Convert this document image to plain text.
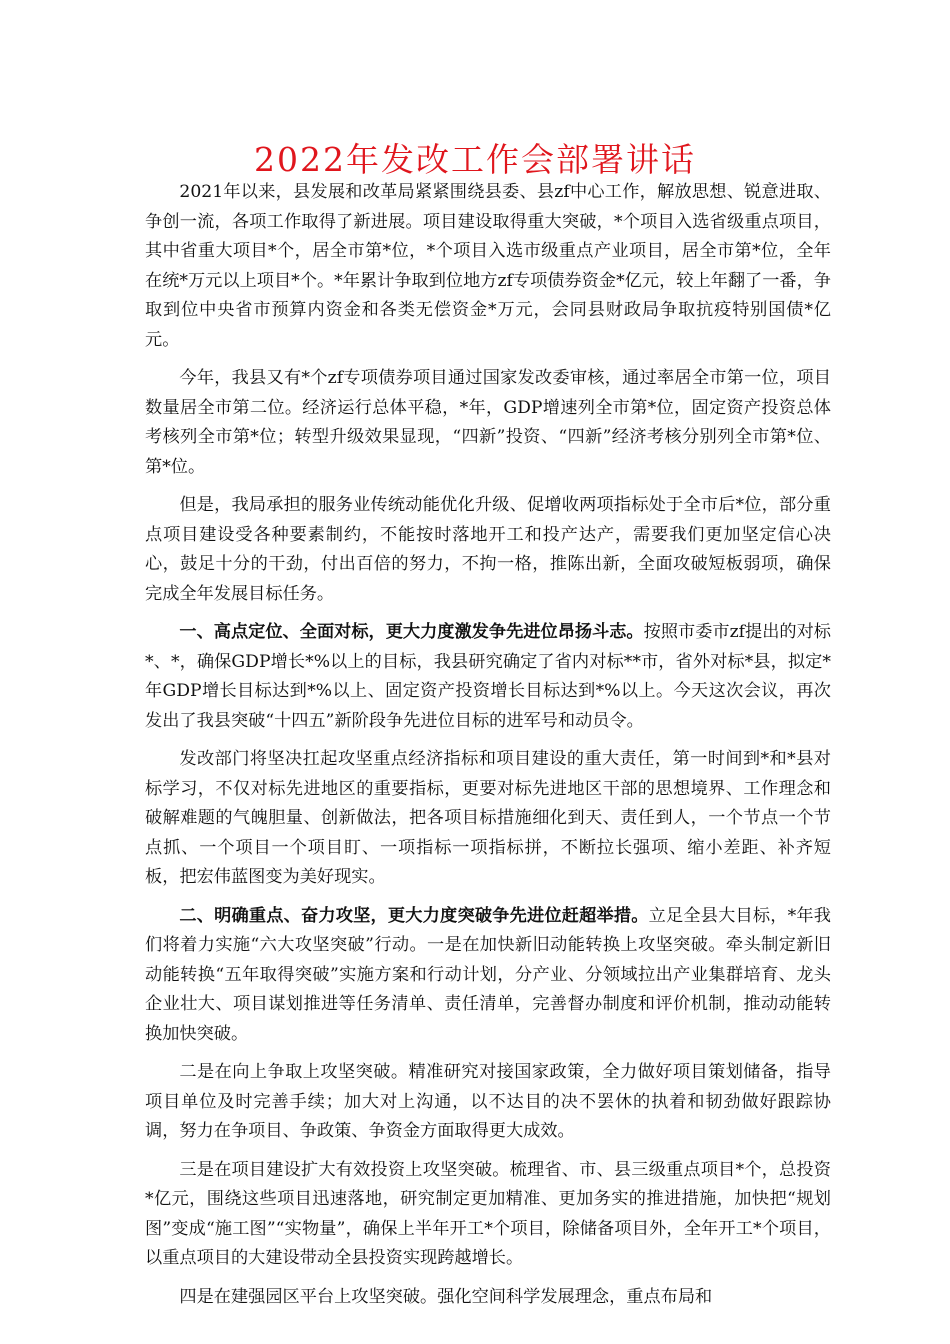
2022年发改工作会部署讲话

2021年以来，县发展和改革局紧紧围绕县委、县zf中心工作，解放思想、锐意进取、争创一流，各项工作取得了新进展。项目建设取得重大突破，*个项目入选省级重点项目，其中省重大项目*个，居全市第*位，*个项目入选市级重点产业项目，居全市第*位，全年在统*万元以上项目*个。*年累计争取到位地方zf专项债券资金*亿元，较上年翻了一番，争取到位中央省市预算内资金和各类无偿资金*万元，会同县财政局争取抗疫特别国债*亿元。

今年，我县又有*个zf专项债券项目通过国家发改委审核，通过率居全市第一位，项目数量居全市第二位。经济运行总体平稳，*年，GDP增速列全市第*位，固定资产投资总体考核列全市第*位；转型升级效果显现，“四新”投资、“四新”经济考核分别列全市第*位、第*位。

但是，我局承担的服务业传统动能优化升级、促增收两项指标处于全市后*位，部分重点项目建设受各种要素制约，不能按时落地开工和投产达产，需要我们更加坚定信心决心，鼓足十分的干劲，付出百倍的努力，不拘一格，推陈出新，全面攻破短板弱项，确保完成全年发展目标任务。

一、高点定位、全面对标，更大力度激发争先进位昂扬斗志。按照市委市zf提出的对标*、*，确保GDP增长*%以上的目标，我县研究确定了省内对标**市，省外对标*县，拟定*年GDP增长目标达到*%以上、固定资产投资增长目标达到*%以上。今天这次会议，再次发出了我县突破“十四五”新阶段争先进位目标的进军号和动员令。

发改部门将坚决扛起攻坚重点经济指标和项目建设的重大责任，第一时间到*和*县对标学习，不仅对标先进地区的重要指标，更要对标先进地区干部的思想境界、工作理念和破解难题的气魄胆量、创新做法，把各项目标措施细化到天、责任到人，一个节点一个节点抓、一个项目一个项目盯、一项指标一项指标拼，不断拉长强项、缩小差距、补齐短板，把宏伟蓝图变为美好现实。

二、明确重点、奋力攻坚，更大力度突破争先进位赶超举措。立足全县大目标，*年我们将着力实施“六大攻坚突破”行动。一是在加快新旧动能转换上攻坚突破。牵头制定新旧动能转换“五年取得突破”实施方案和行动计划，分产业、分领域拉出产业集群培育、龙头企业壮大、项目谋划推进等任务清单、责任清单，完善督办制度和评价机制，推动动能转换加快突破。

二是在向上争取上攻坚突破。精准研究对接国家政策，全力做好项目策划储备，指导项目单位及时完善手续；加大对上沟通，以不达目的决不罢休的执着和韧劲做好跟踪协调，努力在争项目、争政策、争资金方面取得更大成效。

三是在项目建设扩大有效投资上攻坚突破。梳理省、市、县三级重点项目*个，总投资*亿元，围绕这些项目迅速落地，研究制定更加精准、更加务实的推进措施，加快把“规划图”变成“施工图”“实物量”，确保上半年开工*个项目，除储备项目外，全年开工*个项目，以重点项目的大建设带动全县投资实现跨越增长。

四是在建强园区平台上攻坚突破。强化空间科学发展理念，重点布局和
